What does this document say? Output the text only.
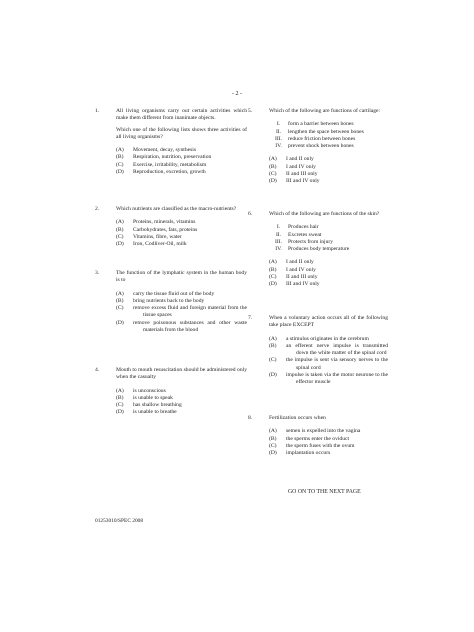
- 2 -
1.	All living organisms carry out certain activities which make them different from inanimate objects.

Which one of the following lists shows three activities of all living organisms?

(A)	Movement, decay, synthesis
(B)	Respiration, nutrition, preservation
(C)	Exercise, irritability, metabolism
(D)	Reproduction, excretion, growth
2.	Which nutrients are classified as the macro-nutrients?

(A)	Proteins, minerals, vitamins
(B)	Carbohydrates, fats, proteins
(C)	Vitamins, fibre, water
(D)	Iron, Codliver-Oil, milk
3.	The function of the lymphatic system in the human body is to

(A)	carry the tissue fluid out of the body
(B)	bring nutrients back to the body
(C)	remove excess fluid and foreign material from the tissue spaces
(D)	remove poisonous substances and other waste materials from the blood
4.	Mouth to mouth resuscitation should be administered only when the casualty

(A)	is unconscious
(B)	is unable to speak
(C)	has shallow breathing
(D)	is unable to breathe
5.	Which of the following are functions of cartilage:

I.	form a barrier between bones
II.	lengthen the space between bones
III.	reduce friction between bones
IV.	prevent shock between bones
(A)	I and II only
(B)	I and IV only
(C)	II and III only
(D)	III and IV only
6.	Which of the following are functions of the skin?

I.	Produces hair
II.	Excretes sweat
III.	Protects from injury
IV.	Produces body temperature
(A)	I and II only
(B)	I and IV only
(C)	II and III only
(D)	III and IV only
7.	When a voluntary action occurs all of the following take place EXCEPT

(A)	a stimulus originates in the cerebrum
(B)	an efferent nerve impulse is transmitted down the white matter of the spinal cord
(C)	the impulse is sent via sensory nerves to the spinal cord
(D)	impulse is taken via the motor neurone to the effector muscle
8.	Fertilization occurs when

(A)	semen is expelled into the vagina
(B)	the sperms enter the oviduct
(C)	the sperm fuses with the ovum
(D)	implantation occurs
GO ON TO THE NEXT PAGE
01253010/SPEC 2008
